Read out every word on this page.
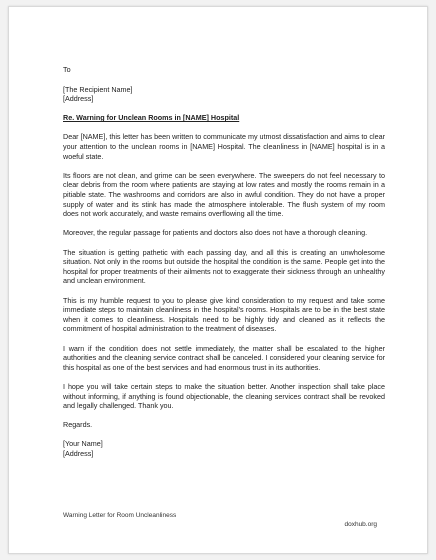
To

[The Recipient Name]

[Address]

Re. Warning for Unclean Rooms in [NAME] Hospital

Dear [NAME], this letter has been written to communicate my utmost dissatisfaction and aims to clear your attention to the unclean rooms in [NAME] Hospital. The cleanliness in [NAME] hospital is in a woeful state.

Its floors are not clean, and grime can be seen everywhere. The sweepers do not feel necessary to clear debris from the room where patients are staying at low rates and mostly the rooms remain in a pitiable state. The washrooms and corridors are also in awful condition. They do not have a proper supply of water and its stink has made the atmosphere intolerable. The flush system of my room does not work accurately, and waste remains overflowing all the time.

Moreover, the regular passage for patients and doctors also does not have a thorough cleaning.

The situation is getting pathetic with each passing day, and all this is creating an unwholesome situation. Not only in the rooms but outside the hospital the condition is the same. People get into the hospital for proper treatments of their ailments not to exaggerate their sickness through an unhealthy and unclean environment.

This is my humble request to you to please give kind consideration to my request and take some immediate steps to maintain cleanliness in the hospital’s rooms. Hospitals are to be in the best state when it comes to cleanliness. Hospitals need to be highly tidy and cleaned as it reflects the commitment of hospital administration to the treatment of diseases.

I warn if the condition does not settle immediately, the matter shall be escalated to the higher authorities and the cleaning service contract shall be canceled. I considered your cleaning service for this hospital as one of the best services and had enormous trust in its authorities.

I hope you will take certain steps to make the situation better. Another inspection shall take place without informing, if anything is found objectionable, the cleaning services contract shall be revoked and legally challenged. Thank you.

Regards.

[Your Name]

[Address]

Warning Letter for Room Uncleanliness
doxhub.org
